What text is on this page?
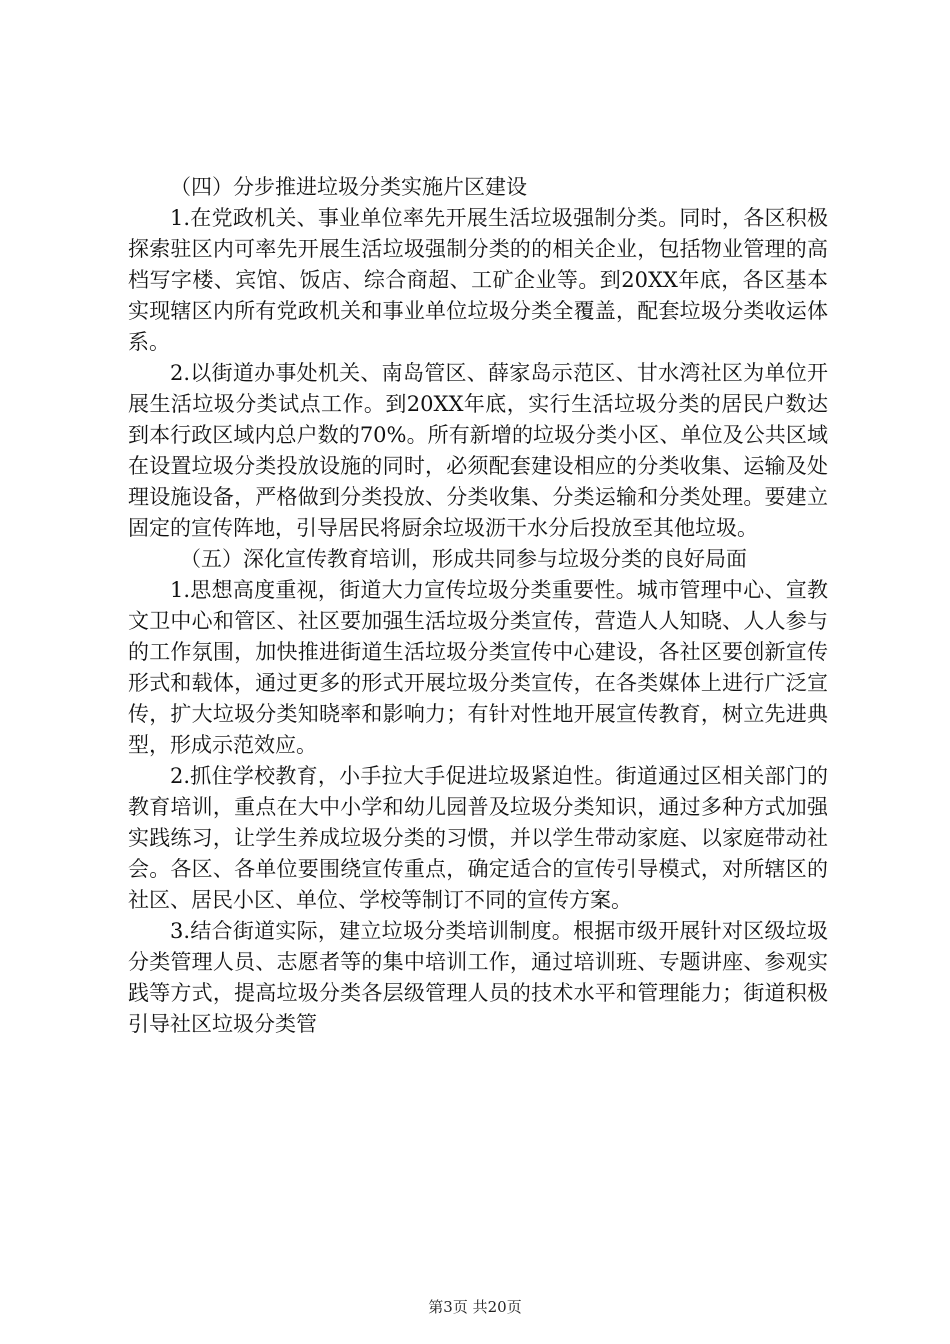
（四）分步推进垃圾分类实施片区建设

1.在党政机关、事业单位率先开展生活垃圾强制分类。同时，各区积极探索驻区内可率先开展生活垃圾强制分类的的相关企业，包括物业管理的高档写字楼、宾馆、饭店、综合商超、工矿企业等。到20XX年底，各区基本实现辖区内所有党政机关和事业单位垃圾分类全覆盖，配套垃圾分类收运体系。

2.以街道办事处机关、南岛管区、薛家岛示范区、甘水湾社区为单位开展生活垃圾分类试点工作。到20XX年底，实行生活垃圾分类的居民户数达到本行政区域内总户数的70%。所有新增的垃圾分类小区、单位及公共区域在设置垃圾分类投放设施的同时，必须配套建设相应的分类收集、运输及处理设施设备，严格做到分类投放、分类收集、分类运输和分类处理。要建立固定的宣传阵地，引导居民将厨余垃圾沥干水分后投放至其他垃圾。

（五）深化宣传教育培训，形成共同参与垃圾分类的良好局面

1.思想高度重视，街道大力宣传垃圾分类重要性。城市管理中心、宣教文卫中心和管区、社区要加强生活垃圾分类宣传，营造人人知晓、人人参与的工作氛围，加快推进街道生活垃圾分类宣传中心建设，各社区要创新宣传形式和载体，通过更多的形式开展垃圾分类宣传，在各类媒体上进行广泛宣传，扩大垃圾分类知晓率和影响力；有针对性地开展宣传教育，树立先进典型，形成示范效应。

2.抓住学校教育，小手拉大手促进垃圾紧迫性。街道通过区相关部门的教育培训，重点在大中小学和幼儿园普及垃圾分类知识，通过多种方式加强实践练习，让学生养成垃圾分类的习惯，并以学生带动家庭、以家庭带动社会。各区、各单位要围绕宣传重点，确定适合的宣传引导模式，对所辖区的社区、居民小区、单位、学校等制订不同的宣传方案。

3.结合街道实际，建立垃圾分类培训制度。根据市级开展针对区级垃圾分类管理人员、志愿者等的集中培训工作，通过培训班、专题讲座、参观实践等方式，提高垃圾分类各层级管理人员的技术水平和管理能力；街道积极引导社区垃圾分类管

第3页 共20页
